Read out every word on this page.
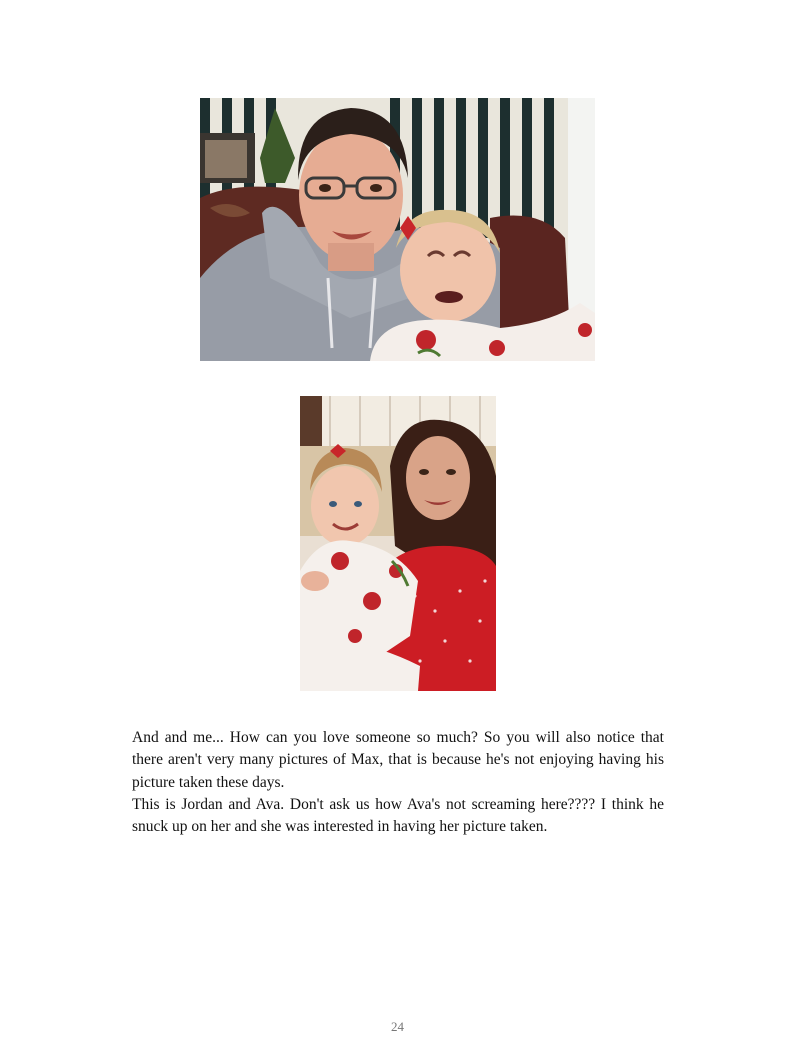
And and me... How can you love someone so much? So you will also notice that there aren't very many pictures of Max, that is because he's not enjoying having his picture taken these days.

This is Jordan and Ava. Don't ask us how Ava's not screaming here???? I think he snuck up on her and she was interested in having her picture taken.

24
